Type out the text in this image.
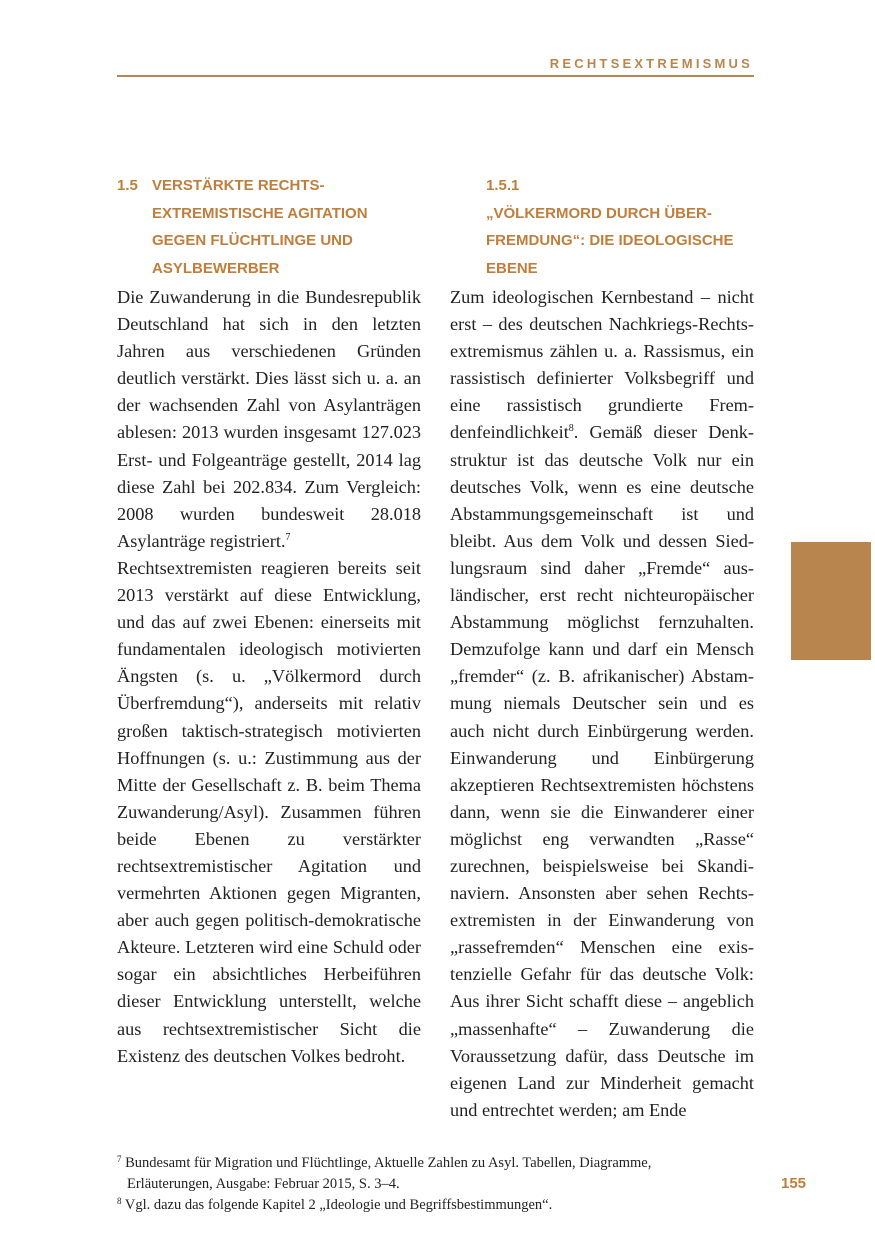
RECHTSEXTREMISMUS
1.5 VERSTÄRKTE RECHTS-
EXTREMISTISCHE AGITATION
GEGEN FLÜCHTLINGE UND
ASYLBEWERBER

Die Zuwanderung in die Bundesrepublik Deutschland hat sich in den letzten Jahren aus verschiedenen Gründen deutlich verstärkt. Dies lässt sich u. a. an der wachsenden Zahl von Asylanträgen ablesen: 2013 wurden insgesamt 127.023 Erst- und Folgeanträge gestellt, 2014 lag diese Zahl bei 202.834. Zum Vergleich: 2008 wurden bundesweit 28.018 Asylanträge registriert.$^7$

Rechtsextremisten reagieren bereits seit 2013 verstärkt auf diese Entwicklung, und das auf zwei Ebenen: einerseits mit fundamentalen ideologisch motivierten Ängsten (s. u. „Völkermord durch Überfremdung“), anderseits mit relativ großen taktisch-strategisch motivierten Hoffnungen (s. u.: Zustimmung aus der Mitte der Gesellschaft z. B. beim Thema Zuwanderung/Asyl). Zusammen führen beide Ebenen zu verstärkter rechtsextremistischer Agitation und vermehrten Aktionen gegen Migranten, aber auch gegen politisch-demokratische Akteure. Letzteren wird eine Schuld oder sogar ein absichtliches Herbeiführen dieser Entwicklung unterstellt, welche aus rechtsextremistischer Sicht die Existenz des deutschen Volkes bedroht.

1.5.1
„VÖLKERMORD DURCH ÜBER-
FREMDUNG“: DIE IDEOLOGISCHE
EBENE

Zum ideologischen Kernbestand – nicht erst – des deutschen Nachkriegs-Rechtsextremismus zählen u. a. Rassismus, ein rassistisch definierter Volksbegriff und eine rassistisch grundierte Fremdenfeindlichkeit$^8$. Gemäß dieser Denkstruktur ist das deutsche Volk nur ein deutsches Volk, wenn es eine deutsche Abstammungsgemeinschaft ist und bleibt. Aus dem Volk und dessen Siedlungsraum sind daher „Fremde“ ausländischer, erst recht nichteuropäischer Abstammung möglichst fernzuhalten. Demzufolge kann und darf ein Mensch „fremder“ (z. B. afrikanischer) Abstammung niemals Deutscher sein und es auch nicht durch Einbürgerung werden. Einwanderung und Einbürgerung akzeptieren Rechtsextremisten höchstens dann, wenn sie die Einwanderer einer möglichst eng verwandten „Rasse“ zurechnen, beispielsweise bei Skandinaviern. Ansonsten aber sehen Rechtsextremisten in der Einwanderung von „rassefremden“ Menschen eine existenzielle Gefahr für das deutsche Volk: Aus ihrer Sicht schafft diese – angeblich „massenhafte“ – Zuwanderung die Voraussetzung dafür, dass Deutsche im eigenen Land zur Minderheit gemacht und entrechtet werden; am Ende

$^7$ Bundesamt für Migration und Flüchtlinge, Aktuelle Zahlen zu Asyl. Tabellen, Diagramme, Erläuterungen, Ausgabe: Februar 2015, S. 3–4.

$^8$ Vgl. dazu das folgende Kapitel 2 „Ideologie und Begriffsbestimmungen“.

155
